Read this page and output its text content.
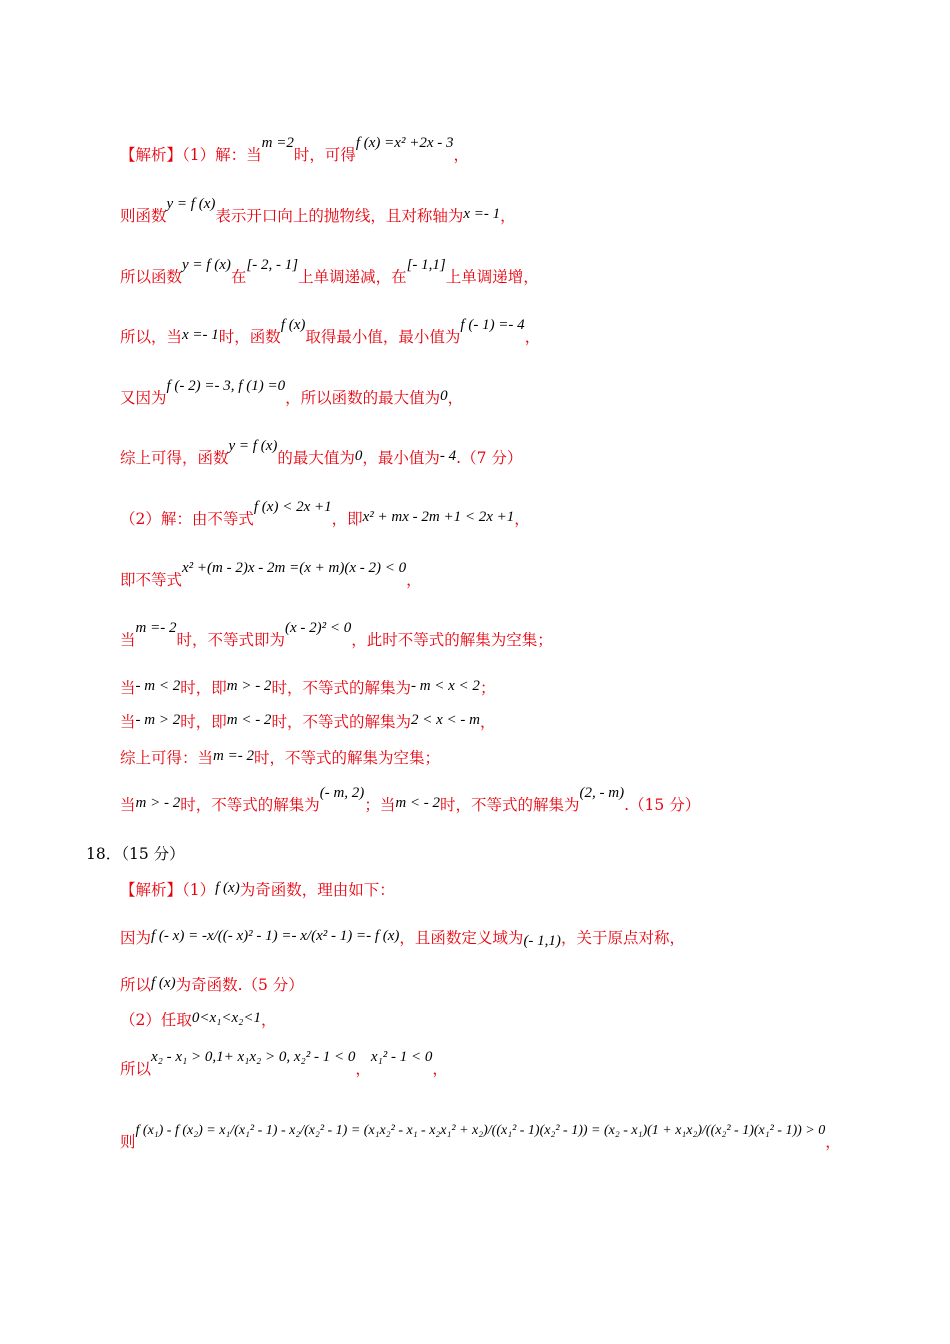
【解析】（1）解：当m =2时，可得f (x) =x² +2x - 3，
则函数y = f (x)表示开口向上的抛物线，且对称轴为x =- 1，
所以函数y = f (x)在[- 2, - 1]上单调递减，在[- 1,1]上单调递增，
所以，当x =- 1时，函数f (x)取得最小值，最小值为f (- 1) =- 4，
又因为f (- 2) =- 3, f (1) =0，所以函数的最大值为0，
综上可得，函数y = f (x)的最大值为0，最小值为- 4.（7 分）
（2）解：由不等式f (x) < 2x +1，即x² + mx - 2m +1 < 2x +1，
即不等式x² +(m - 2)x - 2m =(x + m)(x - 2) < 0，
当m =- 2时，不等式即为(x - 2)² < 0，此时不等式的解集为空集；
当- m < 2时，即m > - 2时，不等式的解集为- m < x < 2；
当- m > 2时，即m < - 2时，不等式的解集为2 < x < - m，
综上可得：当m =- 2时，不等式的解集为空集；
当m > - 2时，不等式的解集为(- m, 2)；当m < - 2时，不等式的解集为(2, - m).（15 分）
18．（15 分）
【解析】（1）f (x)为奇函数，理由如下：
因为f (- x) = -x/((- x)² - 1) =- x/(x² - 1) =- f (x)，且函数定义域为(- 1,1)，关于原点对称，
所以f (x)为奇函数.（5 分）
（2）任取0<x₁<x₂<1，
所以x₂ - x₁ > 0,1+ x₁x₂ > 0, x₂² - 1 < 0，x₁² - 1 < 0，
则f (x₁) - f (x₂) = x₁/(x₁² - 1) - x₂/(x₂² - 1) = (x₁x₂² - x₁ - x₂x₁² + x₂)/((x₁² - 1)(x₂² - 1)) = (x₂ - x₁)(1 + x₁x₂)/((x₂² - 1)(x₁² - 1)) > 0，
